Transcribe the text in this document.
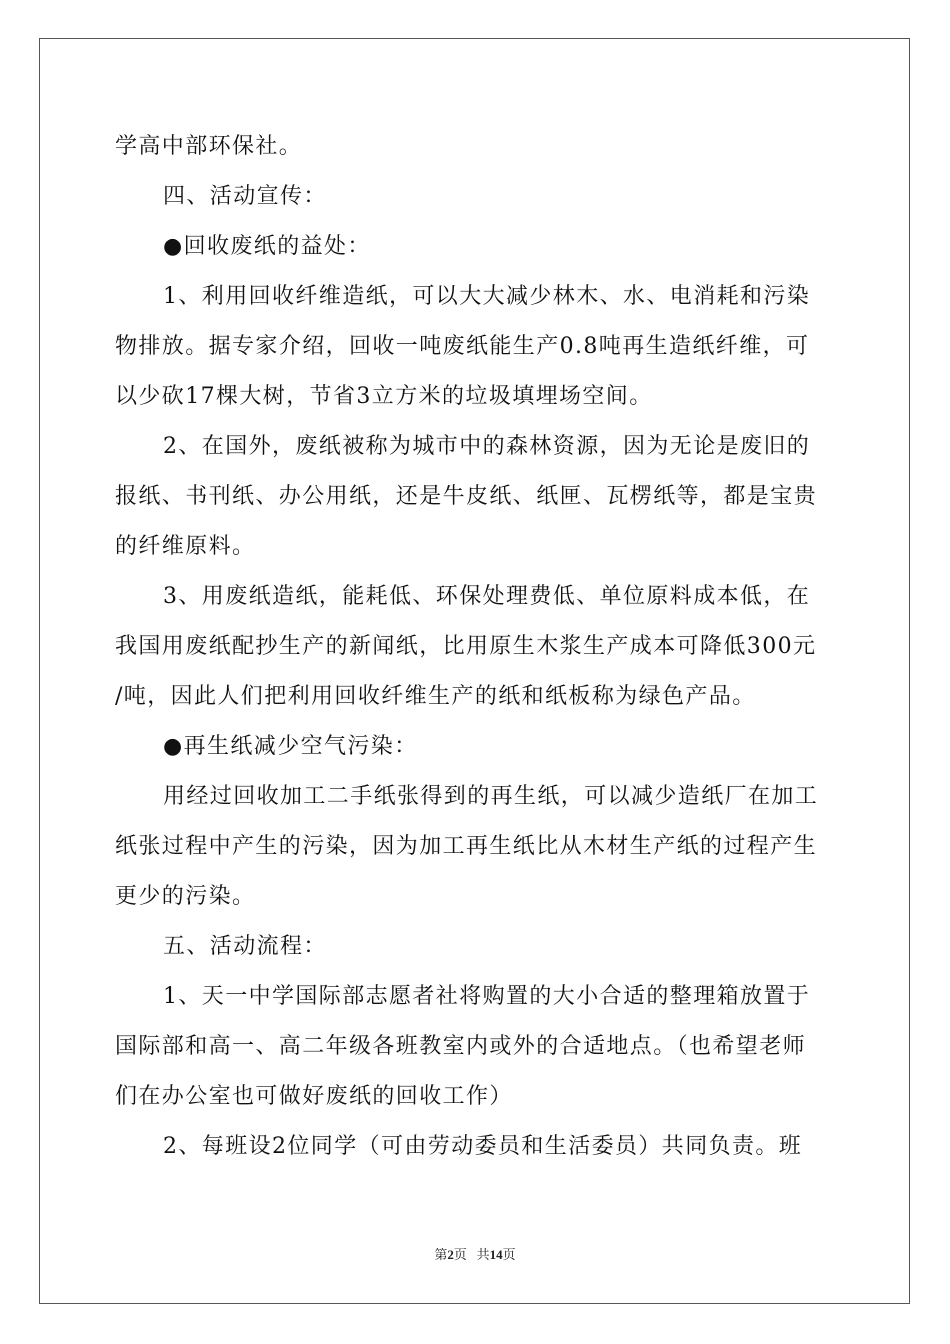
学高中部环保社。
四、活动宣传：
●回收废纸的益处：
1、利用回收纤维造纸，可以大大减少林木、水、电消耗和污染
物排放。据专家介绍，回收一吨废纸能生产0.8吨再生造纸纤维，可
以少砍17棵大树，节省3立方米的垃圾填埋场空间。
2、在国外，废纸被称为城市中的森林资源，因为无论是废旧的
报纸、书刊纸、办公用纸，还是牛皮纸、纸匣、瓦楞纸等，都是宝贵
的纤维原料。
3、用废纸造纸，能耗低、环保处理费低、单位原料成本低，在
我国用废纸配抄生产的新闻纸，比用原生木浆生产成本可降低300元
/吨，因此人们把利用回收纤维生产的纸和纸板称为绿色产品。
●再生纸减少空气污染：
用经过回收加工二手纸张得到的再生纸，可以减少造纸厂在加工
纸张过程中产生的污染，因为加工再生纸比从木材生产纸的过程产生
更少的污染。
五、活动流程：
1、天一中学国际部志愿者社将购置的大小合适的整理箱放置于
国际部和高一、高二年级各班教室内或外的合适地点。（也希望老师
们在办公室也可做好废纸的回收工作）
2、每班设2位同学（可由劳动委员和生活委员）共同负责。班
第2页 共14页
